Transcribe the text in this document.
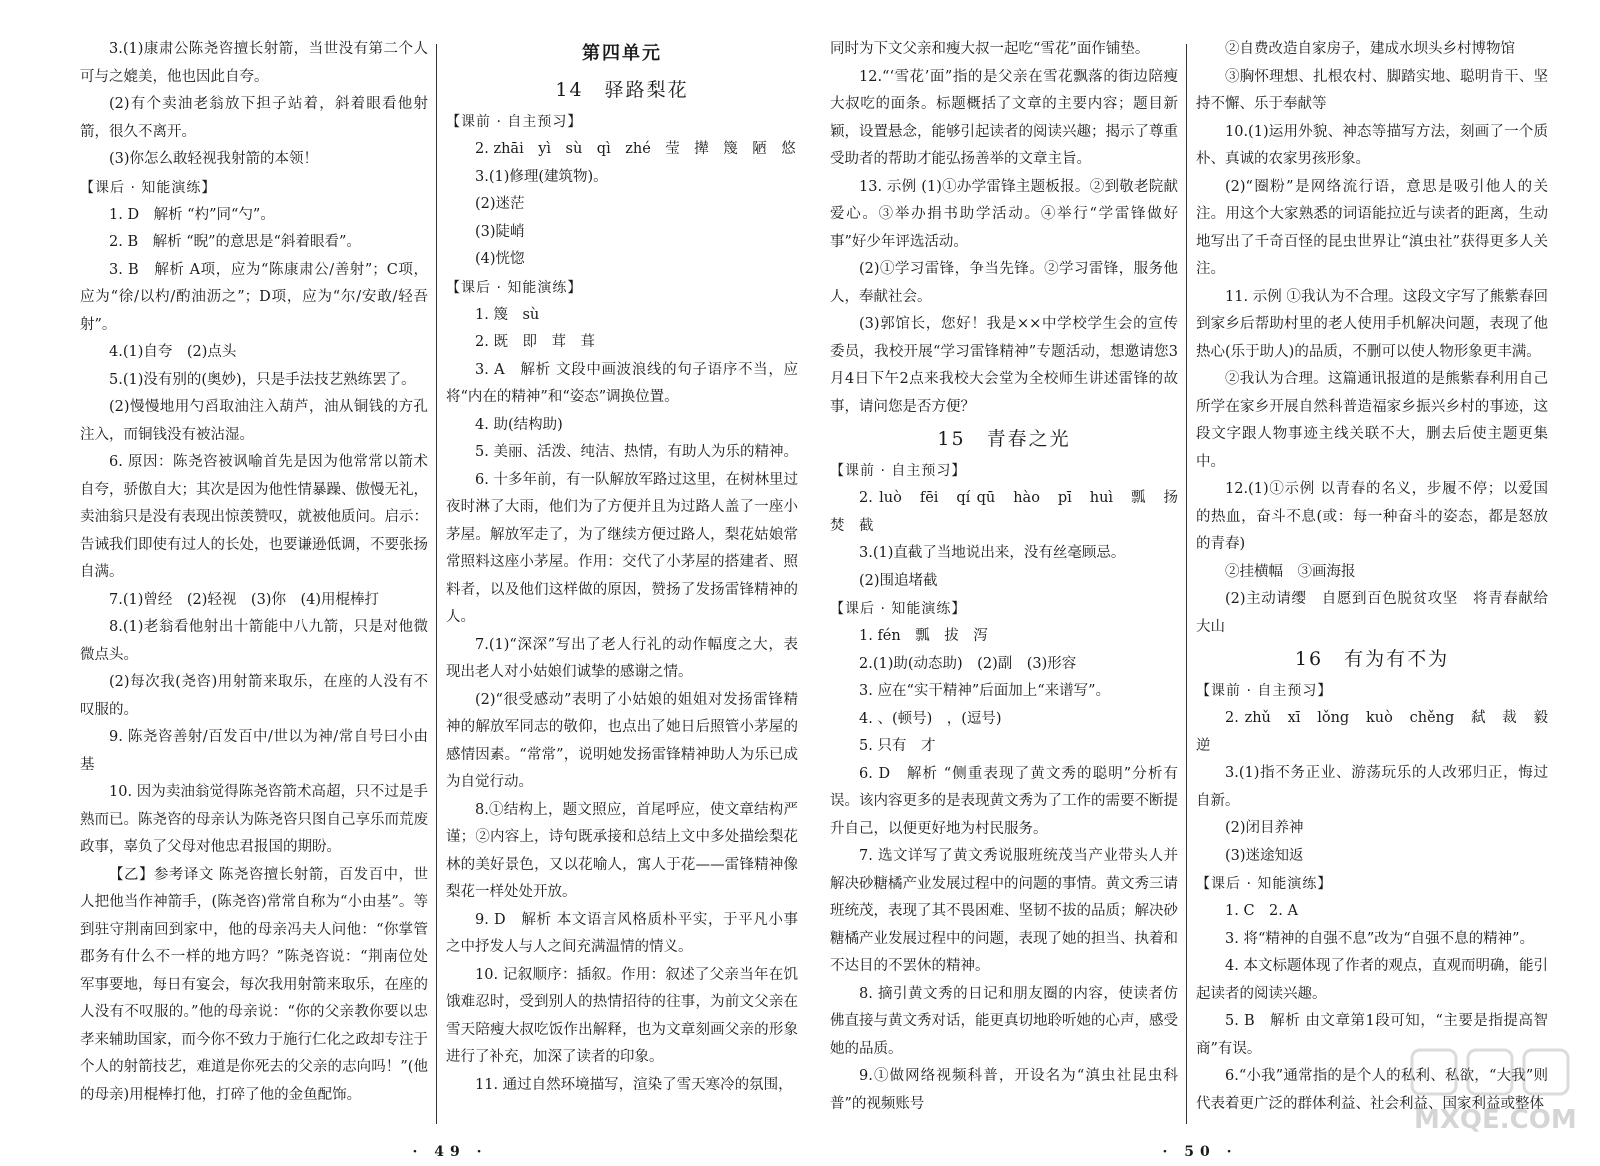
3.(1)康肃公陈尧咨擅长射箭，当世没有第二个人可与之媲美，他也因此自夸。
(2)有个卖油老翁放下担子站着，斜着眼看他射箭，很久不离开。
(3)你怎么敢轻视我射箭的本领！
【课后 · 知能演练】
1. D　解析 “杓”同“勺”。
2. B　解析 “睨”的意思是“斜着眼看”。
3. B　解析 A项，应为“陈康肃公/善射”；C项，应为“徐/以杓/酌油沥之”；D项，应为“尔/安敢/轻吾射”。
4.(1)自夸　(2)点头
5.(1)没有别的(奥妙)，只是手法技艺熟练罢了。
(2)慢慢地用勺舀取油注入葫芦，油从铜钱的方孔注入，而铜钱没有被沾湿。
6. 原因：陈尧咨被讽喻首先是因为他常常以箭术自夸，骄傲自大；其次是因为他性情暴躁、傲慢无礼，卖油翁只是没有表现出惊羡赞叹，就被他质问。启示：告诫我们即使有过人的长处，也要谦逊低调，不要张扬自满。
7.(1)曾经　(2)轻视　(3)你　(4)用棍棒打
8.(1)老翁看他射出十箭能中八九箭，只是对他微微点头。
(2)每次我(尧咨)用射箭来取乐，在座的人没有不叹服的。
9. 陈尧咨善射/百发百中/世以为神/常自号曰小由基
10. 因为卖油翁觉得陈尧咨箭术高超，只不过是手熟而已。陈尧咨的母亲认为陈尧咨只图自己享乐而荒废政事，辜负了父母对他忠君报国的期盼。
【乙】参考译文 陈尧咨擅长射箭，百发百中，世人把他当作神箭手，(陈尧咨)常常自称为“小由基”。等到驻守荆南回到家中，他的母亲冯夫人问他：“你掌管郡务有什么不一样的地方吗？”陈尧咨说：“荆南位处军事要地，每日有宴会，每次我用射箭来取乐，在座的人没有不叹服的。”他的母亲说：“你的父亲教你要以忠孝来辅助国家，而今你不致力于施行仁化之政却专注于个人的射箭技艺，难道是你死去的父亲的志向吗！”(他的母亲)用棍棒打他，打碎了他的金鱼配饰。
第四单元
14　驿路梨花
【课前 · 自主预习】
2. zhāi　yì　sù　qì　zhé　莹　撵　篾　陋　悠
3.(1)修理(建筑物)。
(2)迷茫
(3)陡峭
(4)恍惚
【课后 · 知能演练】
1. 篾　sù
2. 既　即　茸　葺
3. A　解析 文段中画波浪线的句子语序不当，应将“内在的精神”和“姿态”调换位置。
4. 助(结构助)
5. 美丽、活泼、纯洁、热情，有助人为乐的精神。
6. 十多年前，有一队解放军路过这里，在树林里过夜时淋了大雨，他们为了方便并且为过路人盖了一座小茅屋。解放军走了，为了继续方便过路人，梨花姑娘常常照料这座小茅屋。作用：交代了小茅屋的搭建者、照料者，以及他们这样做的原因，赞扬了发扬雷锋精神的人。
7.(1)“深深”写出了老人行礼的动作幅度之大，表现出老人对小姑娘们诚挚的感谢之情。
(2)“很受感动”表明了小姑娘的姐姐对发扬雷锋精神的解放军同志的敬仰，也点出了她日后照管小茅屋的感情因素。“常常”，说明她发扬雷锋精神助人为乐已成为自觉行动。
8.①结构上，题文照应，首尾呼应，使文章结构严谨；②内容上，诗句既承接和总结上文中多处描绘梨花林的美好景色，又以花喻人，寓人于花——雷锋精神像梨花一样处处开放。
9. D　解析 本文语言风格质朴平实，于平凡小事之中抒发人与人之间充满温情的情义。
10. 记叙顺序：插叙。作用：叙述了父亲当年在饥饿难忍时，受到别人的热情招待的往事，为前文父亲在雪天陪瘦大叔吃饭作出解释，也为文章刻画父亲的形象进行了补充，加深了读者的印象。
11. 通过自然环境描写，渲染了雪天寒冷的氛围，
· 49 ·
同时为下文父亲和瘦大叔一起吃“雪花”面作铺垫。
12.“‘雪花’面”指的是父亲在雪花飘落的街边陪瘦大叔吃的面条。标题概括了文章的主要内容；题目新颖，设置悬念，能够引起读者的阅读兴趣；揭示了尊重受助者的帮助才能弘扬善举的文章主旨。
13. 示例 (1)①办学雷锋主题板报。②到敬老院献爱心。③举办捐书助学活动。④举行“学雷锋做好事”好少年评选活动。
(2)①学习雷锋，争当先锋。②学习雷锋，服务他人，奉献社会。
(3)郭馆长，您好！我是××中学校学生会的宣传委员，我校开展“学习雷锋精神”专题活动，想邀请您3月4日下午2点来我校大会堂为全校师生讲述雷锋的故事，请问您是否方便？
15　青春之光
【课前 · 自主预习】
2. luò　fēi　qí qū　hào　pī　huì　瓢　扬　焚　截
3.(1)直截了当地说出来，没有丝毫顾忌。
(2)围追堵截
【课后 · 知能演练】
1. fén　瓢　拔　泻
2.(1)助(动态助)　(2)副　(3)形容
3. 应在“实干精神”后面加上“来谱写”。
4. 、(顿号)　，(逗号)
5. 只有　才
6. D　解析 “侧重表现了黄文秀的聪明”分析有误。该内容更多的是表现黄文秀为了工作的需要不断提升自己，以便更好地为村民服务。
7. 选文详写了黄文秀说服班统茂当产业带头人并解决砂糖橘产业发展过程中的问题的事情。黄文秀三请班统茂，表现了其不畏困难、坚韧不拔的品质；解决砂糖橘产业发展过程中的问题，表现了她的担当、执着和不达目的不罢休的精神。
8. 摘引黄文秀的日记和朋友圈的内容，使读者仿佛直接与黄文秀对话，能更真切地聆听她的心声，感受她的品质。
9.①做网络视频科普，开设名为“滇虫社昆虫科普”的视频账号
②自费改造自家房子，建成水坝头乡村博物馆
③胸怀理想、扎根农村、脚踏实地、聪明肯干、坚持不懈、乐于奉献等
10.(1)运用外貌、神态等描写方法，刻画了一个质朴、真诚的农家男孩形象。
(2)“圈粉”是网络流行语，意思是吸引他人的关注。用这个大家熟悉的词语能拉近与读者的距离，生动地写出了千奇百怪的昆虫世界让“滇虫社”获得更多人关注。
11. 示例 ①我认为不合理。这段文字写了熊紫春回到家乡后帮助村里的老人使用手机解决问题，表现了他热心(乐于助人)的品质，不删可以使人物形象更丰满。
②我认为合理。这篇通讯报道的是熊紫春利用自己所学在家乡开展自然科普造福家乡振兴乡村的事迹，这段文字跟人物事迹主线关联不大，删去后使主题更集中。
12.(1)①示例 以青春的名义，步履不停；以爱国的热血，奋斗不息(或：每一种奋斗的姿态，都是怒放的青春)
②挂横幅　③画海报
(2)主动请缨　自愿到百色脱贫攻坚　将青春献给大山
16　有为有不为
【课前 · 自主预习】
2. zhǔ　xī　lǒng　kuò　chěng　弑　裁　毅　逆
3.(1)指不务正业、游荡玩乐的人改邪归正，悔过自新。
(2)闭目养神
(3)迷途知返
【课后 · 知能演练】
1. C　2. A
3. 将“精神的自强不息”改为“自强不息的精神”。
4. 本文标题体现了作者的观点，直观而明确，能引起读者的阅读兴趣。
5. B　解析 由文章第1段可知，“主要是指提高智商”有误。
6.“小我”通常指的是个人的私利、私欲，“大我”则代表着更广泛的群体利益、社会利益、国家利益或整体
· 50 ·
MXQE.COM
